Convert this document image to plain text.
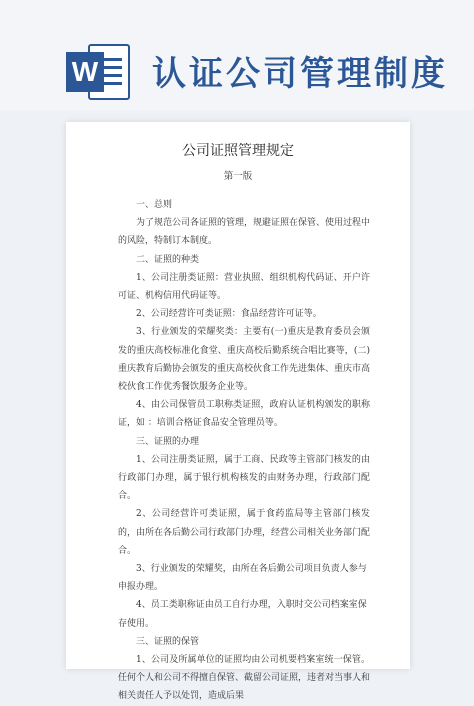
W 认证公司管理制度
公司证照管理规定
第一版

一、总则

为了规范公司各证照的管理，规避证照在保管、使用过程中的风险，特制订本制度。

二、证照的种类

1、公司注册类证照：营业执照、组织机构代码证、开户许可证、机构信用代码证等。

2、公司经营许可类证照：食品经营许可证等。

3、行业颁发的荣耀奖类：主要有(一)重庆是教育委员会颁发的重庆高校标准化食堂、重庆高校后勤系统合唱比赛等，(二)重庆教育后勤协会颁发的重庆高校伙食工作先进集体、重庆市高校伙食工作优秀餐饮服务企业等。

4、由公司保管员工职称类证照，政府认证机构颁发的职称证，如 ：培训合格证食品安全管理员等。

三、证照的办理

1、公司注册类证照，属于工商、民政等主管部门核发的由行政部门办理，属于银行机构核发的由财务办理，行政部门配合。

2、公司经营许可类证照，属于食药监局等主管部门核发的，由所在各后勤公司行政部门办理，经营公司相关业务部门配合。

3、行业颁发的荣耀奖，由所在各后勤公司项目负责人参与申报办理。

4、员工类职称证由员工自行办理，入职时交公司档案室保存使用。

三、证照的保管

1、公司及所属单位的证照均由公司机要档案室统一保管。任何个人和公司不得擅自保管、截留公司证照，违者对当事人和相关责任人予以处罚，造成后果
